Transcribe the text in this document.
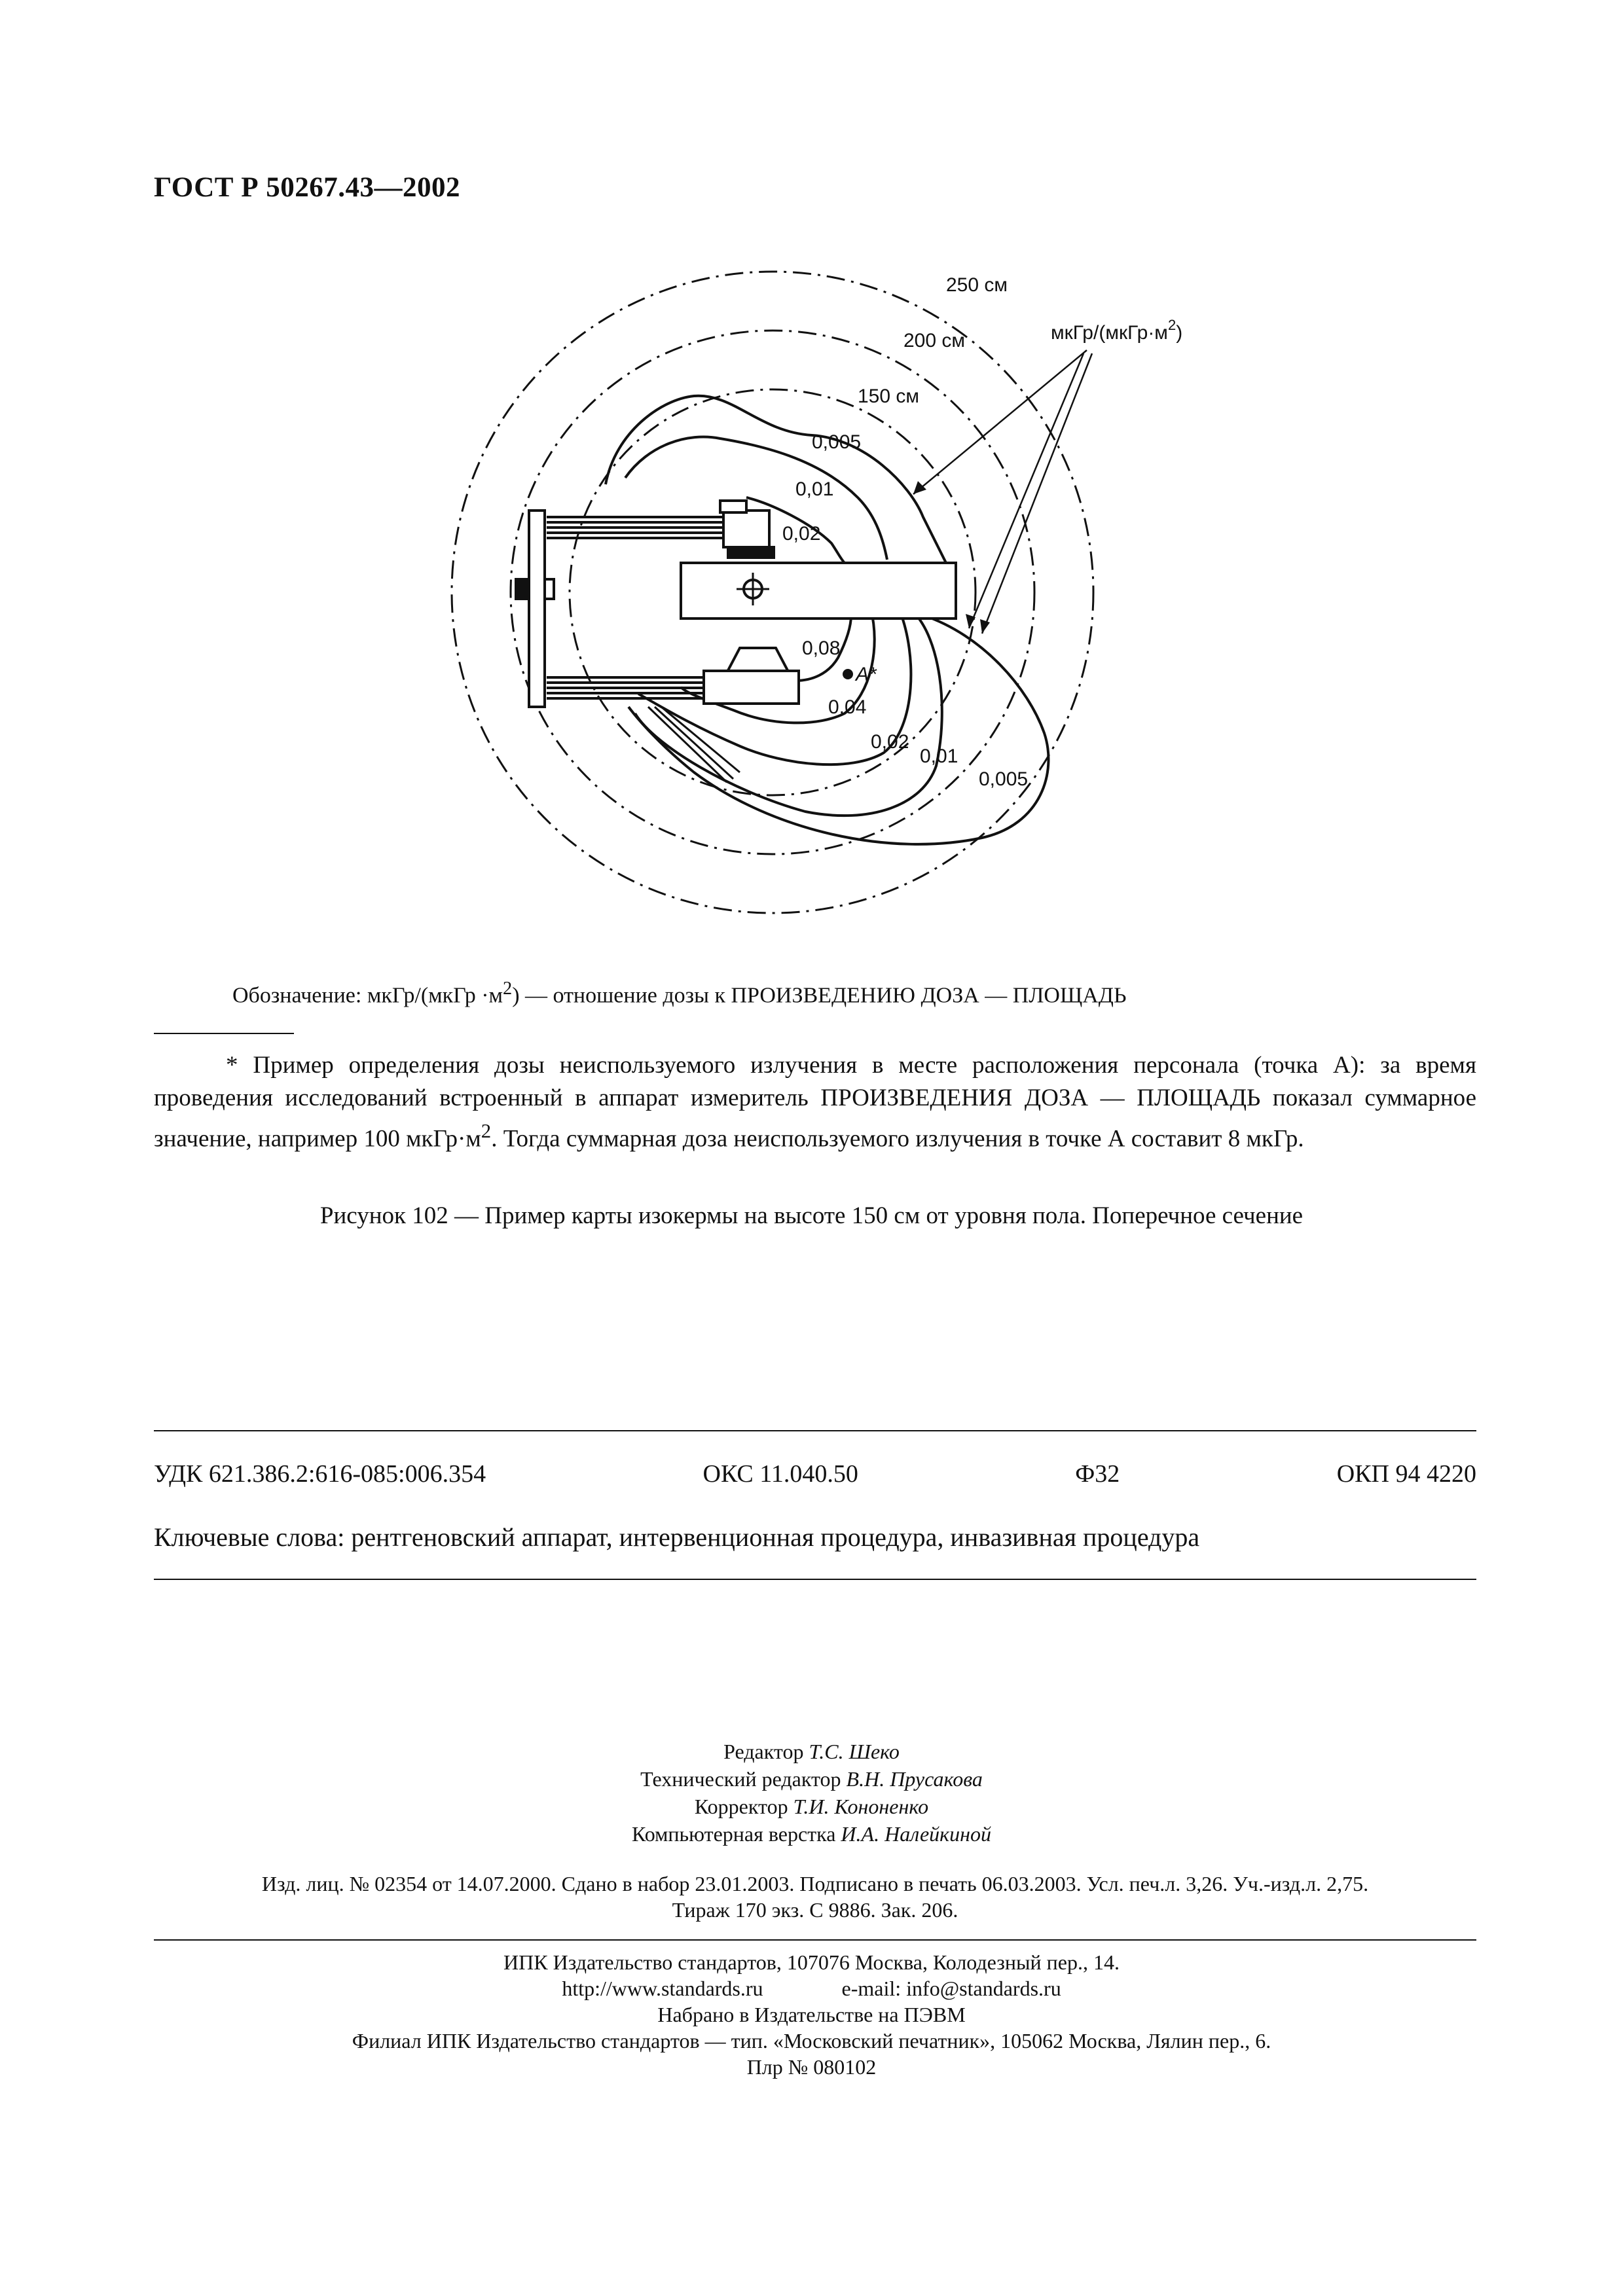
ГОСТ Р 50267.43—2002
250 см
200 см
150 см
мкГр/$(мкГр\cdot м^2)$
0,005
0,01
0,02
0,08
A*
0,04
0,02
0,01
0,005
Обозначение: мкГр/(мкГр $\cdot м^2$) — отношение дозы к ПРОИЗВЕДЕНИЮ ДОЗА — ПЛОЩАДЬ
* Пример определения дозы неиспользуемого излучения в месте расположения персонала (точка А): за время проведения исследований встроенный в аппарат измеритель ПРОИЗВЕДЕНИЯ ДОЗА — ПЛОЩАДЬ показал суммарное значение, например 100 $мкГр\cdot м^2$. Тогда суммарная доза неиспользуемого излучения в точке А составит 8 мкГр.
Рисунок 102 — Пример карты изокермы на высоте 150 см от уровня пола. Поперечное сечение
УДК 621.386.2:616-085:006.354	ОКС 11.040.50	Ф32	ОКП 94 4220
Ключевые слова: рентгеновский аппарат, интервенционная процедура, инвазивная процедура
Редактор Т.С. Шеко
Технический редактор В.Н. Прусакова
Корректор Т.И. Кононенко
Компьютерная верстка И.А. Налейкиной
Изд. лиц. № 02354 от 14.07.2000. Сдано в набор 23.01.2003. Подписано в печать 06.03.2003. Усл. печ.л. 3,26. Уч.-изд.л. 2,75.
Тираж 170 экз. С 9886. Зак. 206.
ИПК Издательство стандартов, 107076 Москва, Колодезный пер., 14.
http://www.standards.ru	e-mail: info@standards.ru
Набрано в Издательстве на ПЭВМ
Филиал ИПК Издательство стандартов — тип. «Московский печатник», 105062 Москва, Лялин пер., 6.
Плр № 080102
